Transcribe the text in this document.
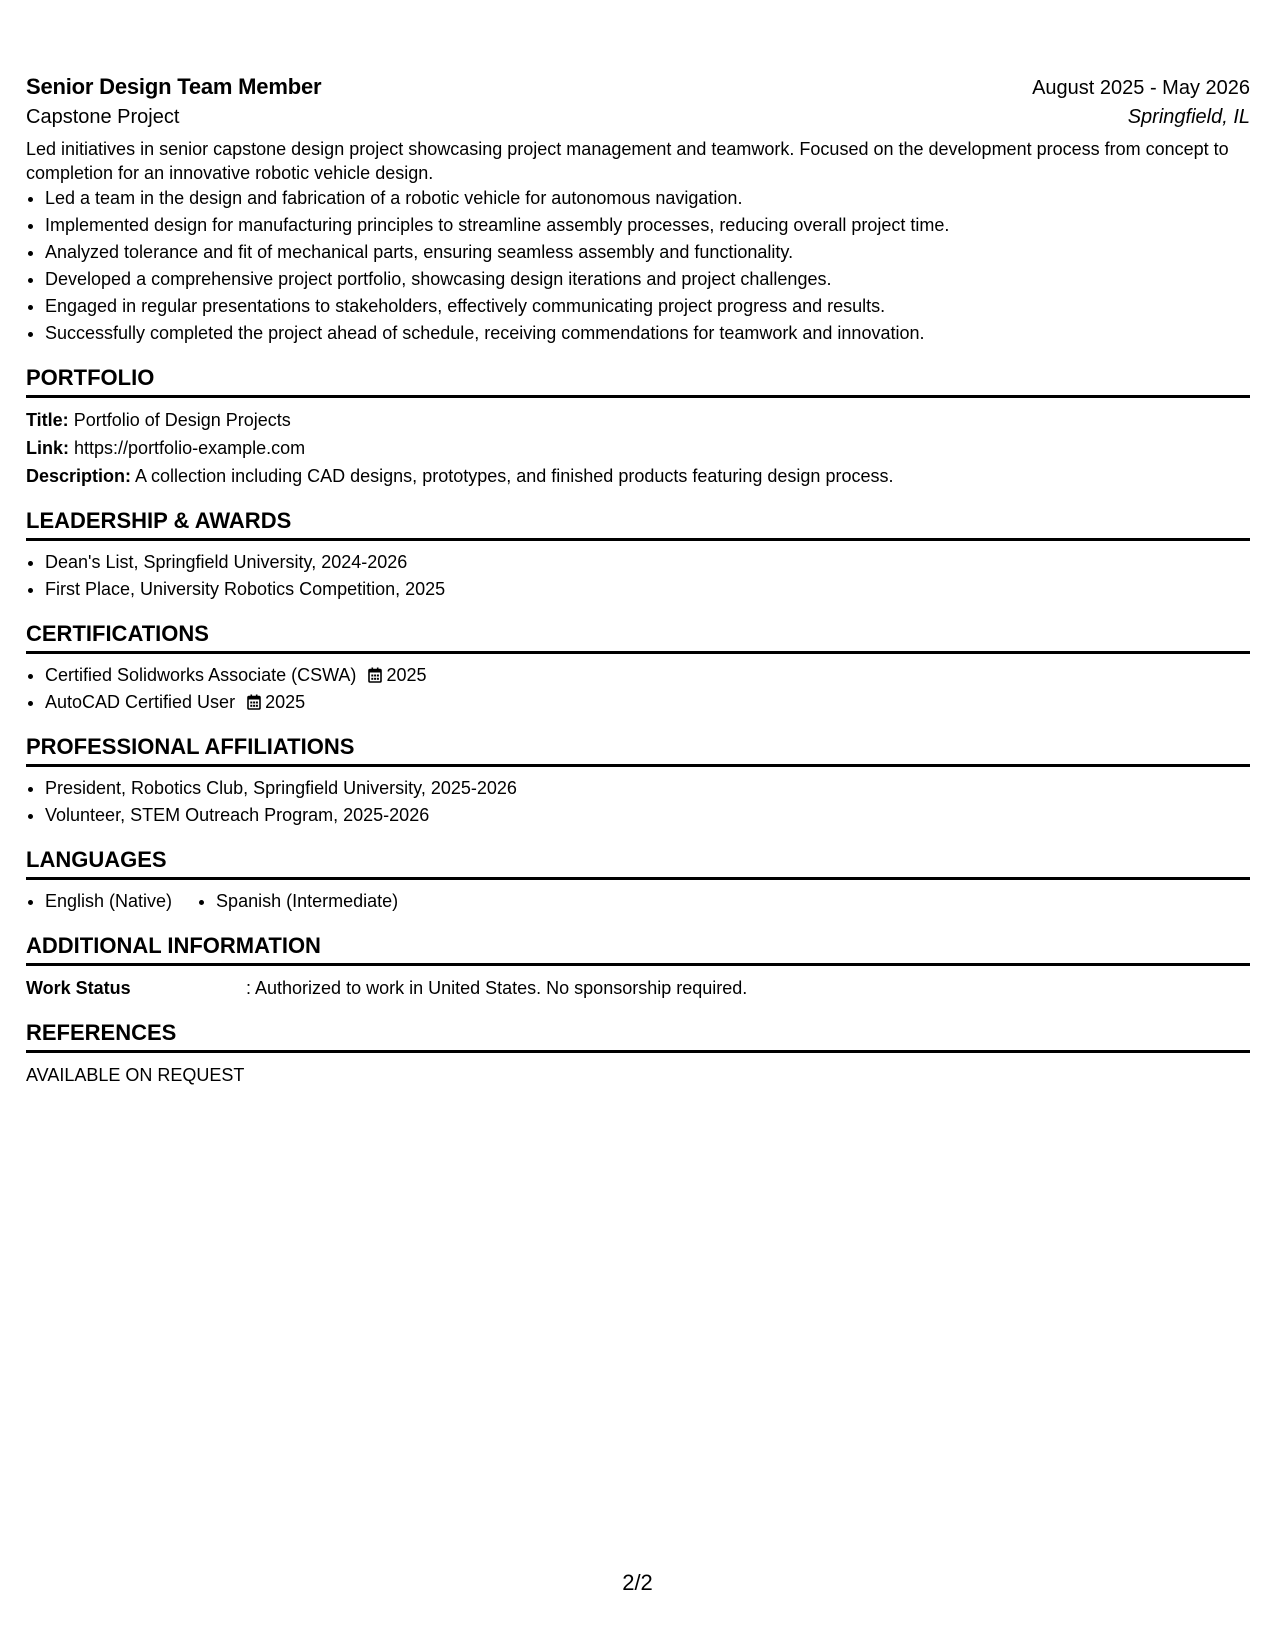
Senior Design Team Member	August 2025 - May 2026
Capstone Project	Springfield, IL
Led initiatives in senior capstone design project showcasing project management and teamwork. Focused on the development process from concept to completion for an innovative robotic vehicle design.
• Led a team in the design and fabrication of a robotic vehicle for autonomous navigation.
• Implemented design for manufacturing principles to streamline assembly processes, reducing overall project time.
• Analyzed tolerance and fit of mechanical parts, ensuring seamless assembly and functionality.
• Developed a comprehensive project portfolio, showcasing design iterations and project challenges.
• Engaged in regular presentations to stakeholders, effectively communicating project progress and results.
• Successfully completed the project ahead of schedule, receiving commendations for teamwork and innovation.
PORTFOLIO
Title: Portfolio of Design Projects
Link: https://portfolio-example.com
Description: A collection including CAD designs, prototypes, and finished products featuring design process.
LEADERSHIP & AWARDS
• Dean's List, Springfield University, 2024-2026
• First Place, University Robotics Competition, 2025
CERTIFICATIONS
• Certified Solidworks Associate (CSWA) 2025
• AutoCAD Certified User 2025
PROFESSIONAL AFFILIATIONS
• President, Robotics Club, Springfield University, 2025-2026
• Volunteer, STEM Outreach Program, 2025-2026
LANGUAGES
• English (Native)
• Spanish (Intermediate)
ADDITIONAL INFORMATION
Work Status	: Authorized to work in United States. No sponsorship required.
REFERENCES
AVAILABLE ON REQUEST
2/2
